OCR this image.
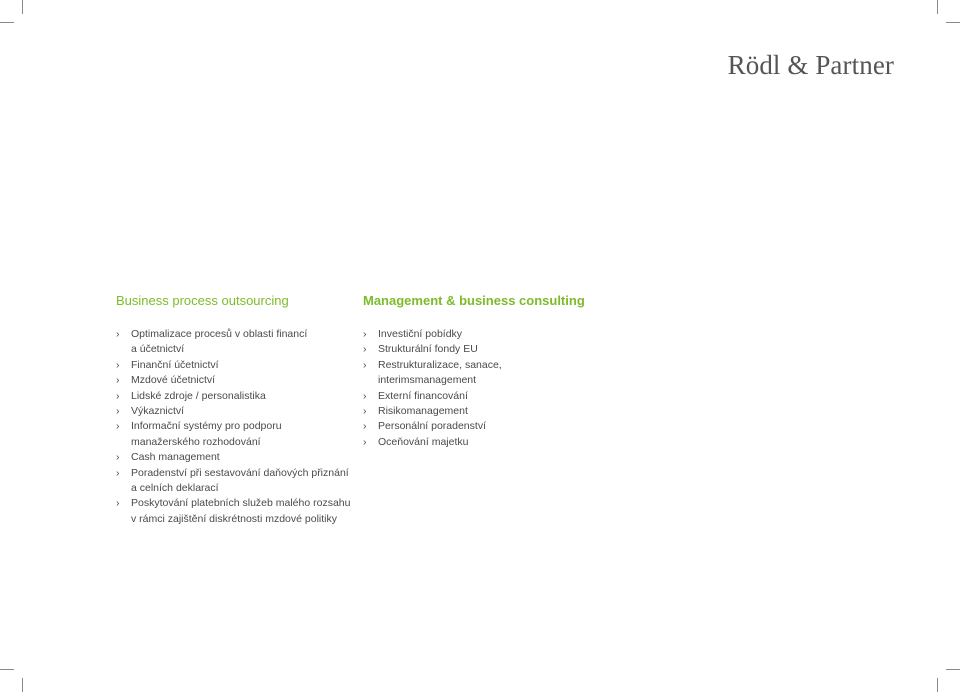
Rödl & Partner
Business process outsourcing
› Optimalizace procesů v oblasti financí
a účetnictví
› Finanční účetnictví
› Mzdové účetnictví
› Lidské zdroje / personalistika
› Výkaznictví
› Informační systémy pro podporu
manažerského rozhodování
› Cash management
› Poradenství při sestavování daňových přiznání
a celních deklarací
› Poskytování platebních služeb malého rozsahu
v rámci zajištění diskrétnosti mzdové politiky
Management & business consulting
› Investiční pobídky
› Strukturální fondy EU
› Restrukturalizace, sanace,
interimsmanagement
› Externí financování
› Risikomanagement
› Personální poradenství
› Oceňování majetku
